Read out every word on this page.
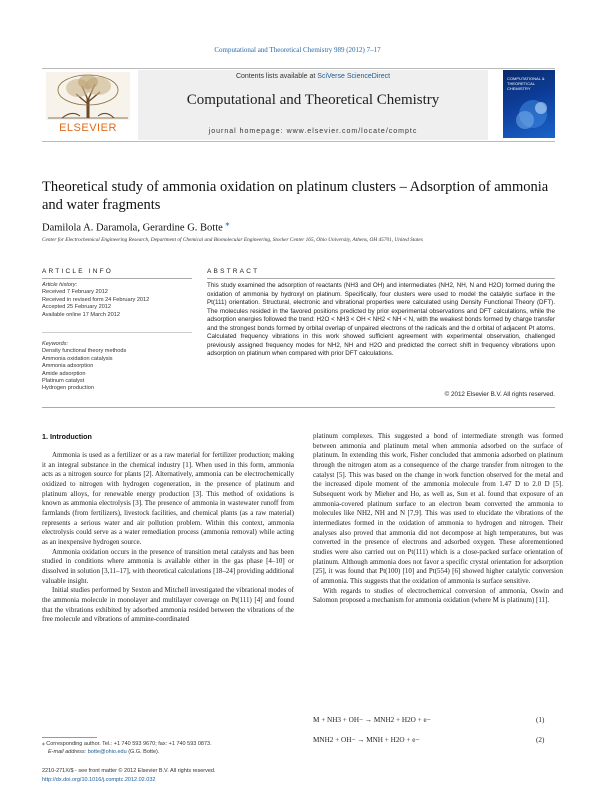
Computational and Theoretical Chemistry 989 (2012) 7–17
ELSEVIER
Contents lists available at SciVerse ScienceDirect
Computational and Theoretical Chemistry
journal homepage: www.elsevier.com/locate/comptc
COMPUTATIONAL & THEORETICAL CHEMISTRY
Theoretical study of ammonia oxidation on platinum clusters – Adsorption of ammonia and water fragments
Damilola A. Daramola, Gerardine G. Botte ⁎
Center for Electrochemical Engineering Research, Department of Chemical and Biomolecular Engineering, Stocker Center 165, Ohio University, Athens, OH 45701, United States
ARTICLE INFO
Article history:
Received 7 February 2012
Received in revised form 24 February 2012
Accepted 25 February 2012
Available online 17 March 2012
Keywords:
Density functional theory methods
Ammonia oxidation catalysis
Ammonia adsorption
Amide adsorption
Platinum catalyst
Hydrogen production
ABSTRACT
This study examined the adsorption of reactants (NH3 and OH) and intermediates (NH2, NH, N and H2O) formed during the oxidation of ammonia by hydroxyl on platinum. Specifically, four clusters were used to model the catalytic surface in the Pt(111) orientation. Structural, electronic and vibrational properties were calculated using Density Functional Theory (DFT). The molecules resided in the favored positions predicted by prior experimental observations and DFT calculations, while the adsorption energies followed the trend: H2O < NH3 < OH < NH2 < NH < N, with the weakest bonds formed by charge transfer and the strongest bonds formed by orbital overlap of unpaired electrons of the radicals and the d orbital of adjacent Pt atoms. Calculated frequency vibrations in this work showed sufficient agreement with experimental observation, challenged previously assigned frequency modes for NH2, NH and H2O and predicted the correct shift in frequency vibrations upon adsorption on platinum when compared with prior DFT calculations.
© 2012 Elsevier B.V. All rights reserved.
1. Introduction

Ammonia is used as a fertilizer or as a raw material for fertilizer production; making it an integral substance in the chemical industry [1]. When used in this form, ammonia acts as a nitrogen source for plants [2]. Alternatively, ammonia can be electrochemically oxidized to nitrogen with hydrogen cogeneration, in the presence of platinum and platinum alloys, for renewable energy production [3]. This method of oxidations is known as ammonia electrolysis [3]. The presence of ammonia in wastewater runoff from farmlands (from fertilizers), livestock facilities, and chemical plants (as a raw material) represents a serious water and air pollution problem. Within this context, ammonia electrolysis could serve as a water remediation process (ammonia removal) while acting as an inexpensive hydrogen source.

Ammonia oxidation occurs in the presence of transition metal catalysts and has been studied in conditions where ammonia is available either in the gas phase [4–10] or dissolved in solution [3,11–17], with theoretical calculations [18–24] providing additional valuable insight.

Initial studies performed by Sexton and Mitchell investigated the vibrational modes of the ammonia molecule in monolayer and multilayer coverage on Pt(111) [4] and found that the vibrations exhibited by adsorbed ammonia resided between the vibrations of the free molecule and vibrations of ammine-coordinated

platinum complexes. This suggested a bond of intermediate strength was formed between ammonia and platinum metal when ammonia adsorbed on the surface of platinum. In extending this work, Fisher concluded that ammonia adsorbed on platinum through the nitrogen atom as a consequence of the charge transfer from nitrogen to the catalyst [5]. This was based on the change in work function observed for the metal and the increased dipole moment of the ammonia molecule from 1.47 D to 2.0 D [5]. Subsequent work by Mieher and Ho, as well as, Sun et al. found that exposure of an ammonia-covered platinum surface to an electron beam converted the ammonia to molecules like NH2, NH and N [7,9]. This was used to elucidate the vibrations of the intermediates formed in the oxidation of ammonia to hydrogen and nitrogen. Their analyses also proved that ammonia did not decompose at high temperatures, but was converted in the presence of electrons and adsorbed oxygen. These aforementioned studies were also carried out on Pt(111) which is a close-packed surface orientation of platinum. Although ammonia does not favor a specific crystal orientation for adsorption [25], it was found that Pt(100) [10] and Pt(554) [6] showed higher catalytic conversion of ammonia. This suggests that the oxidation of ammonia is surface sensitive.

With regards to studies of electrochemical conversion of ammonia, Oswin and Salomon proposed a mechanism for ammonia oxidation (where M is platinum) [11].

M + NH3 + OH− → MNH2 + H2O + e−	(1)
MNH2 + OH− → MNH + H2O + e−	(2)
⁎ Corresponding author. Tel.: +1 740 593 9670; fax: +1 740 593 0873.
E-mail address: botte@ohio.edu (G.G. Botte).
2210-271X/$ - see front matter © 2012 Elsevier B.V. All rights reserved.
http://dx.doi.org/10.1016/j.comptc.2012.02.032
